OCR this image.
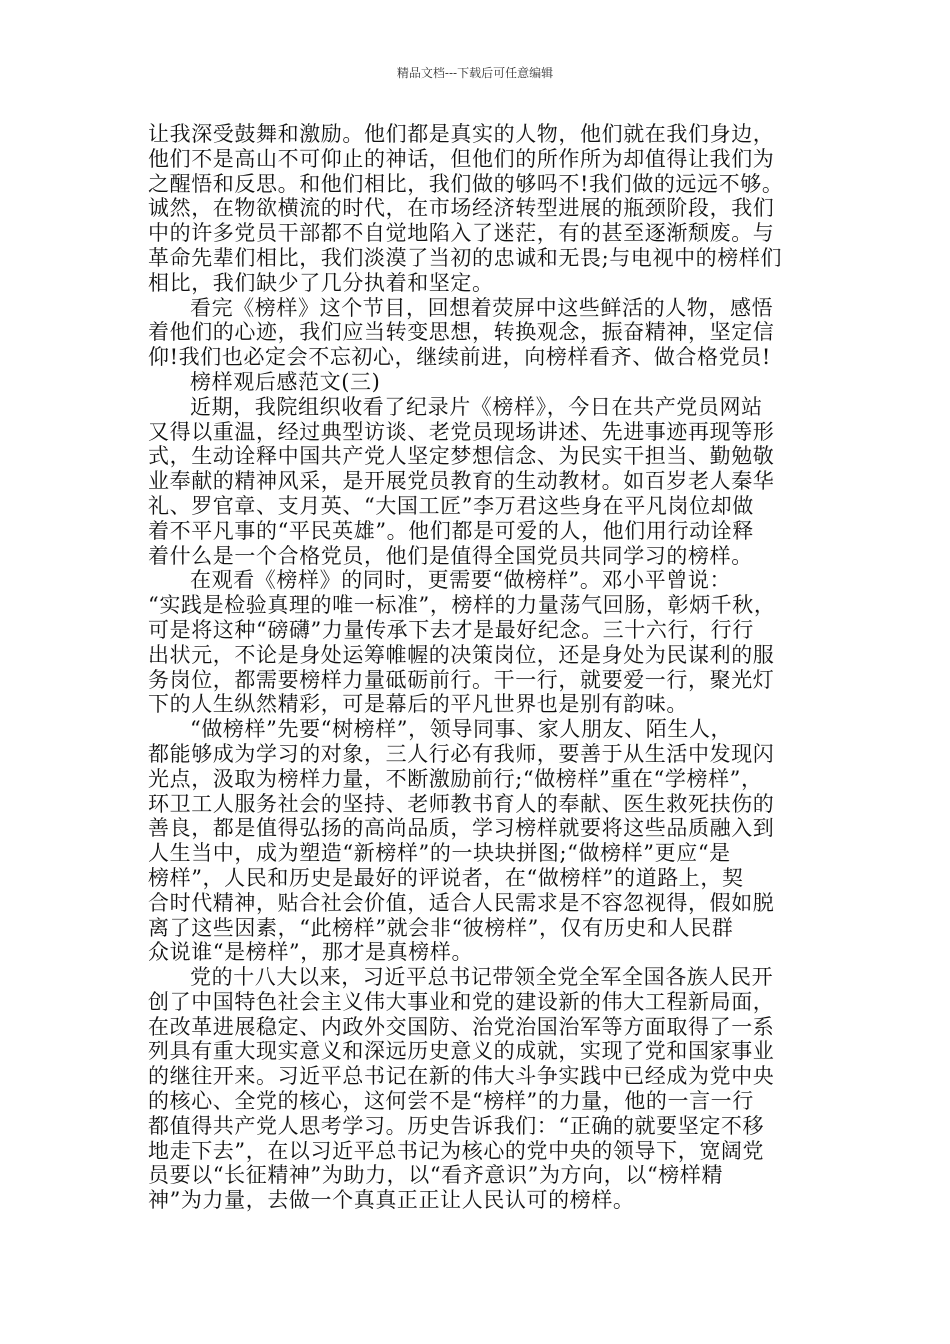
精品文档---下载后可任意编辑
让我深受鼓舞和激励。他们都是真实的人物，他们就在我们身边，
他们不是高山不可仰止的神话，但他们的所作所为却值得让我们为
之醒悟和反思。和他们相比，我们做的够吗不!我们做的远远不够。
诚然，在物欲横流的时代，在市场经济转型进展的瓶颈阶段，我们
中的许多党员干部都不自觉地陷入了迷茫，有的甚至逐渐颓废。与
革命先辈们相比，我们淡漠了当初的忠诚和无畏;与电视中的榜样们
相比，我们缺少了几分执着和坚定。
看完《榜样》这个节目，回想着荧屏中这些鲜活的人物，感悟
着他们的心迹，我们应当转变思想，转换观念，振奋精神，坚定信
仰!我们也必定会不忘初心，继续前进，向榜样看齐、做合格党员!
榜样观后感范文(三)
近期，我院组织收看了纪录片《榜样》，今日在共产党员网站
又得以重温，经过典型访谈、老党员现场讲述、先进事迹再现等形
式，生动诠释中国共产党人坚定梦想信念、为民实干担当、勤勉敬
业奉献的精神风采，是开展党员教育的生动教材。如百岁老人秦华
礼、罗官章、支月英、“大国工匠”李万君这些身在平凡岗位却做
着不平凡事的“平民英雄”。他们都是可爱的人，他们用行动诠释
着什么是一个合格党员，他们是值得全国党员共同学习的榜样。
在观看《榜样》的同时，更需要“做榜样”。邓小平曾说：
“实践是检验真理的唯一标准”，榜样的力量荡气回肠，彰炳千秋，
可是将这种“磅礴”力量传承下去才是最好纪念。三十六行，行行
出状元，不论是身处运筹帷幄的决策岗位，还是身处为民谋利的服
务岗位，都需要榜样力量砥砺前行。干一行，就要爱一行，聚光灯
下的人生纵然精彩，可是幕后的平凡世界也是别有韵味。
“做榜样”先要“树榜样”，领导同事、家人朋友、陌生人，
都能够成为学习的对象，三人行必有我师，要善于从生活中发现闪
光点，汲取为榜样力量，不断激励前行;“做榜样”重在“学榜样”，
环卫工人服务社会的坚持、老师教书育人的奉献、医生救死扶伤的
善良，都是值得弘扬的高尚品质，学习榜样就要将这些品质融入到
人生当中，成为塑造“新榜样”的一块块拼图;“做榜样”更应“是
榜样”，人民和历史是最好的评说者，在“做榜样”的道路上，契
合时代精神，贴合社会价值，适合人民需求是不容忽视得，假如脱
离了这些因素，“此榜样”就会非“彼榜样”，仅有历史和人民群
众说谁“是榜样”，那才是真榜样。
党的十八大以来，习近平总书记带领全党全军全国各族人民开
创了中国特色社会主义伟大事业和党的建设新的伟大工程新局面，
在改革进展稳定、内政外交国防、治党治国治军等方面取得了一系
列具有重大现实意义和深远历史意义的成就，实现了党和国家事业
的继往开来。习近平总书记在新的伟大斗争实践中已经成为党中央
的核心、全党的核心，这何尝不是“榜样”的力量，他的一言一行
都值得共产党人思考学习。历史告诉我们：“正确的就要坚定不移
地走下去”，在以习近平总书记为核心的党中央的领导下，宽阔党
员要以“长征精神”为助力，以“看齐意识”为方向，以“榜样精
神”为力量，去做一个真真正正让人民认可的榜样。
